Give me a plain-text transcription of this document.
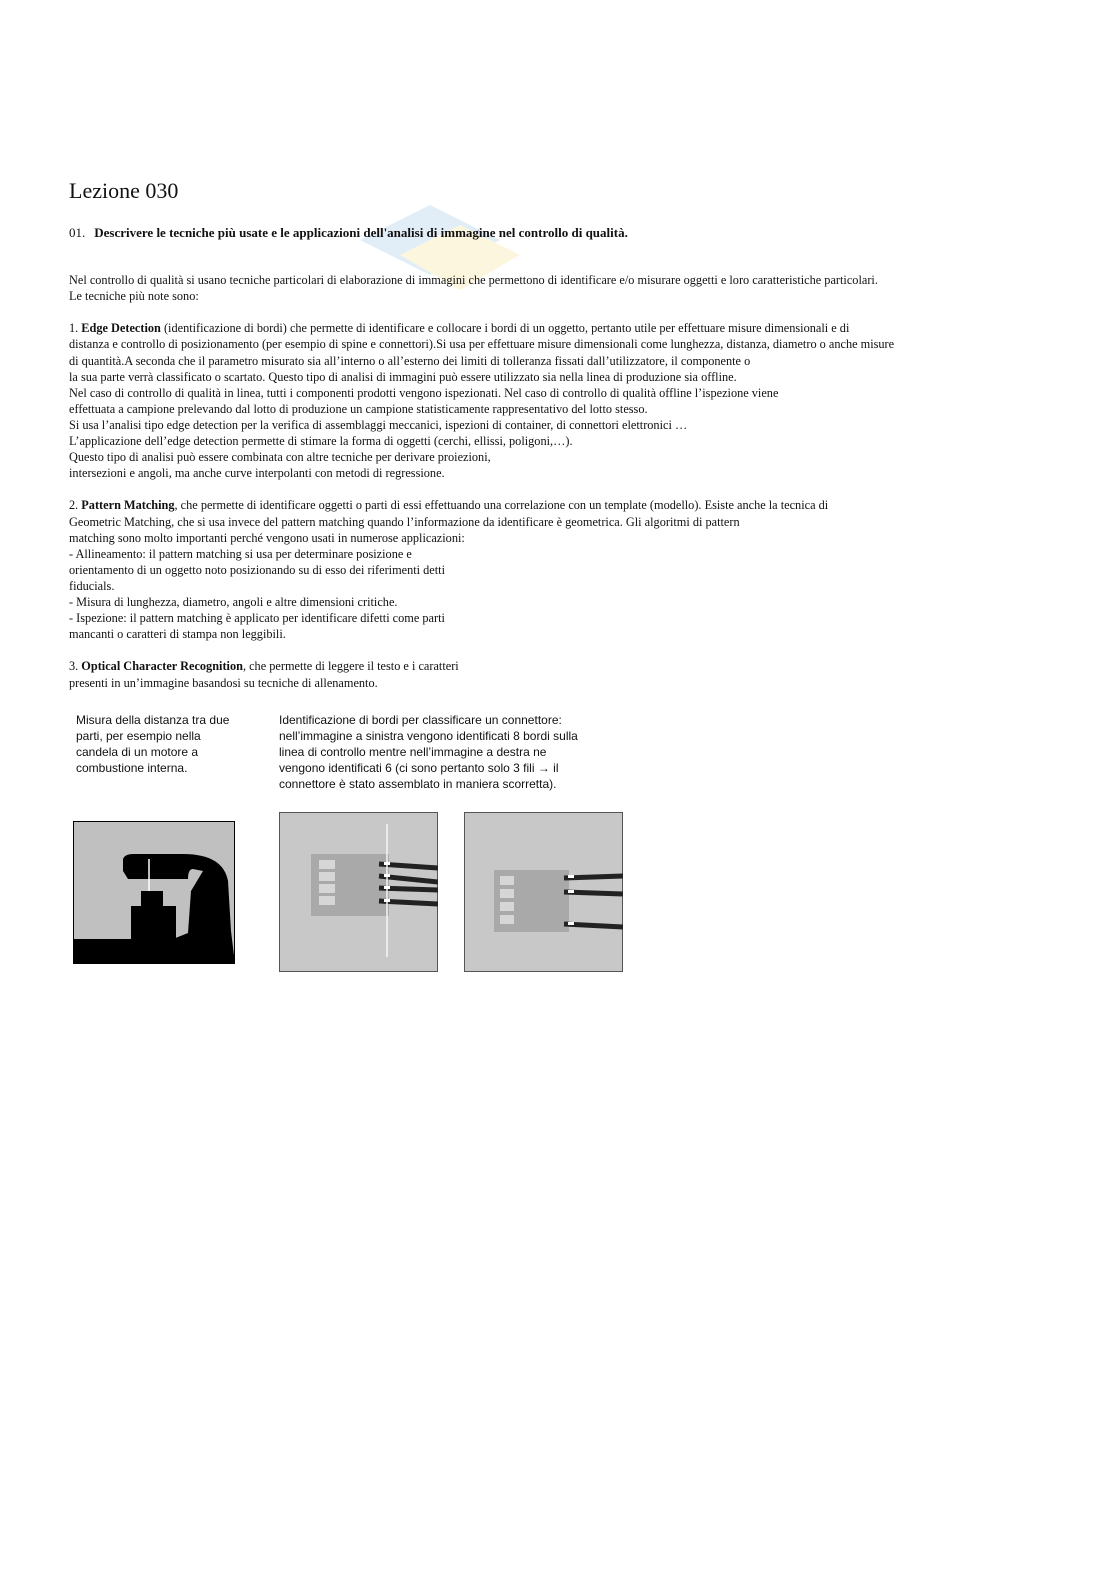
Lezione 030
01. Descrivere le tecniche più usate e le applicazioni dell'analisi di immagine nel controllo di qualità.
Nel controllo di qualità si usano tecniche particolari di elaborazione di immagini che permettono di identificare e/o misurare oggetti e loro caratteristiche particolari.
Le tecniche più note sono:
1. Edge Detection (identificazione di bordi) che permette di identificare e collocare i bordi di un oggetto, pertanto utile per effettuare misure dimensionali e di
distanza e controllo di posizionamento (per esempio di spine e connettori).Si usa per effettuare misure dimensionali come lunghezza, distanza, diametro o anche misure
di quantità.A seconda che il parametro misurato sia all’interno o all’esterno dei limiti di tolleranza fissati dall’utilizzatore, il componente o
la sua parte verrà classificato o scartato. Questo tipo di analisi di immagini può essere utilizzato sia nella linea di produzione sia offline.
Nel caso di controllo di qualità in linea, tutti i componenti prodotti vengono ispezionati. Nel caso di controllo di qualità offline l’ispezione viene
effettuata a campione prelevando dal lotto di produzione un campione statisticamente rappresentativo del lotto stesso.
Si usa l’analisi tipo edge detection per la verifica di assemblaggi meccanici, ispezioni di container, di connettori elettronici …
L’applicazione dell’edge detection permette di stimare la forma di oggetti (cerchi, ellissi, poligoni,…).
Questo tipo di analisi può essere combinata con altre tecniche per derivare proiezioni,
intersezioni e angoli, ma anche curve interpolanti con metodi di regressione.
2. Pattern Matching, che permette di identificare oggetti o parti di essi effettuando una correlazione con un template (modello). Esiste anche la tecnica di
Geometric Matching, che si usa invece del pattern matching quando l’informazione da identificare è geometrica. Gli algoritmi di pattern
matching sono molto importanti perché vengono usati in numerose applicazioni:
- Allineamento: il pattern matching si usa per determinare posizione e
orientamento di un oggetto noto posizionando su di esso dei riferimenti detti
fiducials.
- Misura di lunghezza, diametro, angoli e altre dimensioni critiche.
- Ispezione: il pattern matching è applicato per identificare difetti come parti
mancanti o caratteri di stampa non leggibili.
3. Optical Character Recognition, che permette di leggere il testo e i caratteri
presenti in un’immagine basandosi su tecniche di allenamento.
Misura della distanza tra due
parti, per esempio nella
candela di un motore a
combustione interna.
Identificazione di bordi per classificare un connettore:
nell’immagine a sinistra vengono identificati 8 bordi sulla
linea di controllo mentre nell’immagine a destra ne
vengono identificati 6 (ci sono pertanto solo 3 fili → il
connettore è stato assemblato in maniera scorretta).
